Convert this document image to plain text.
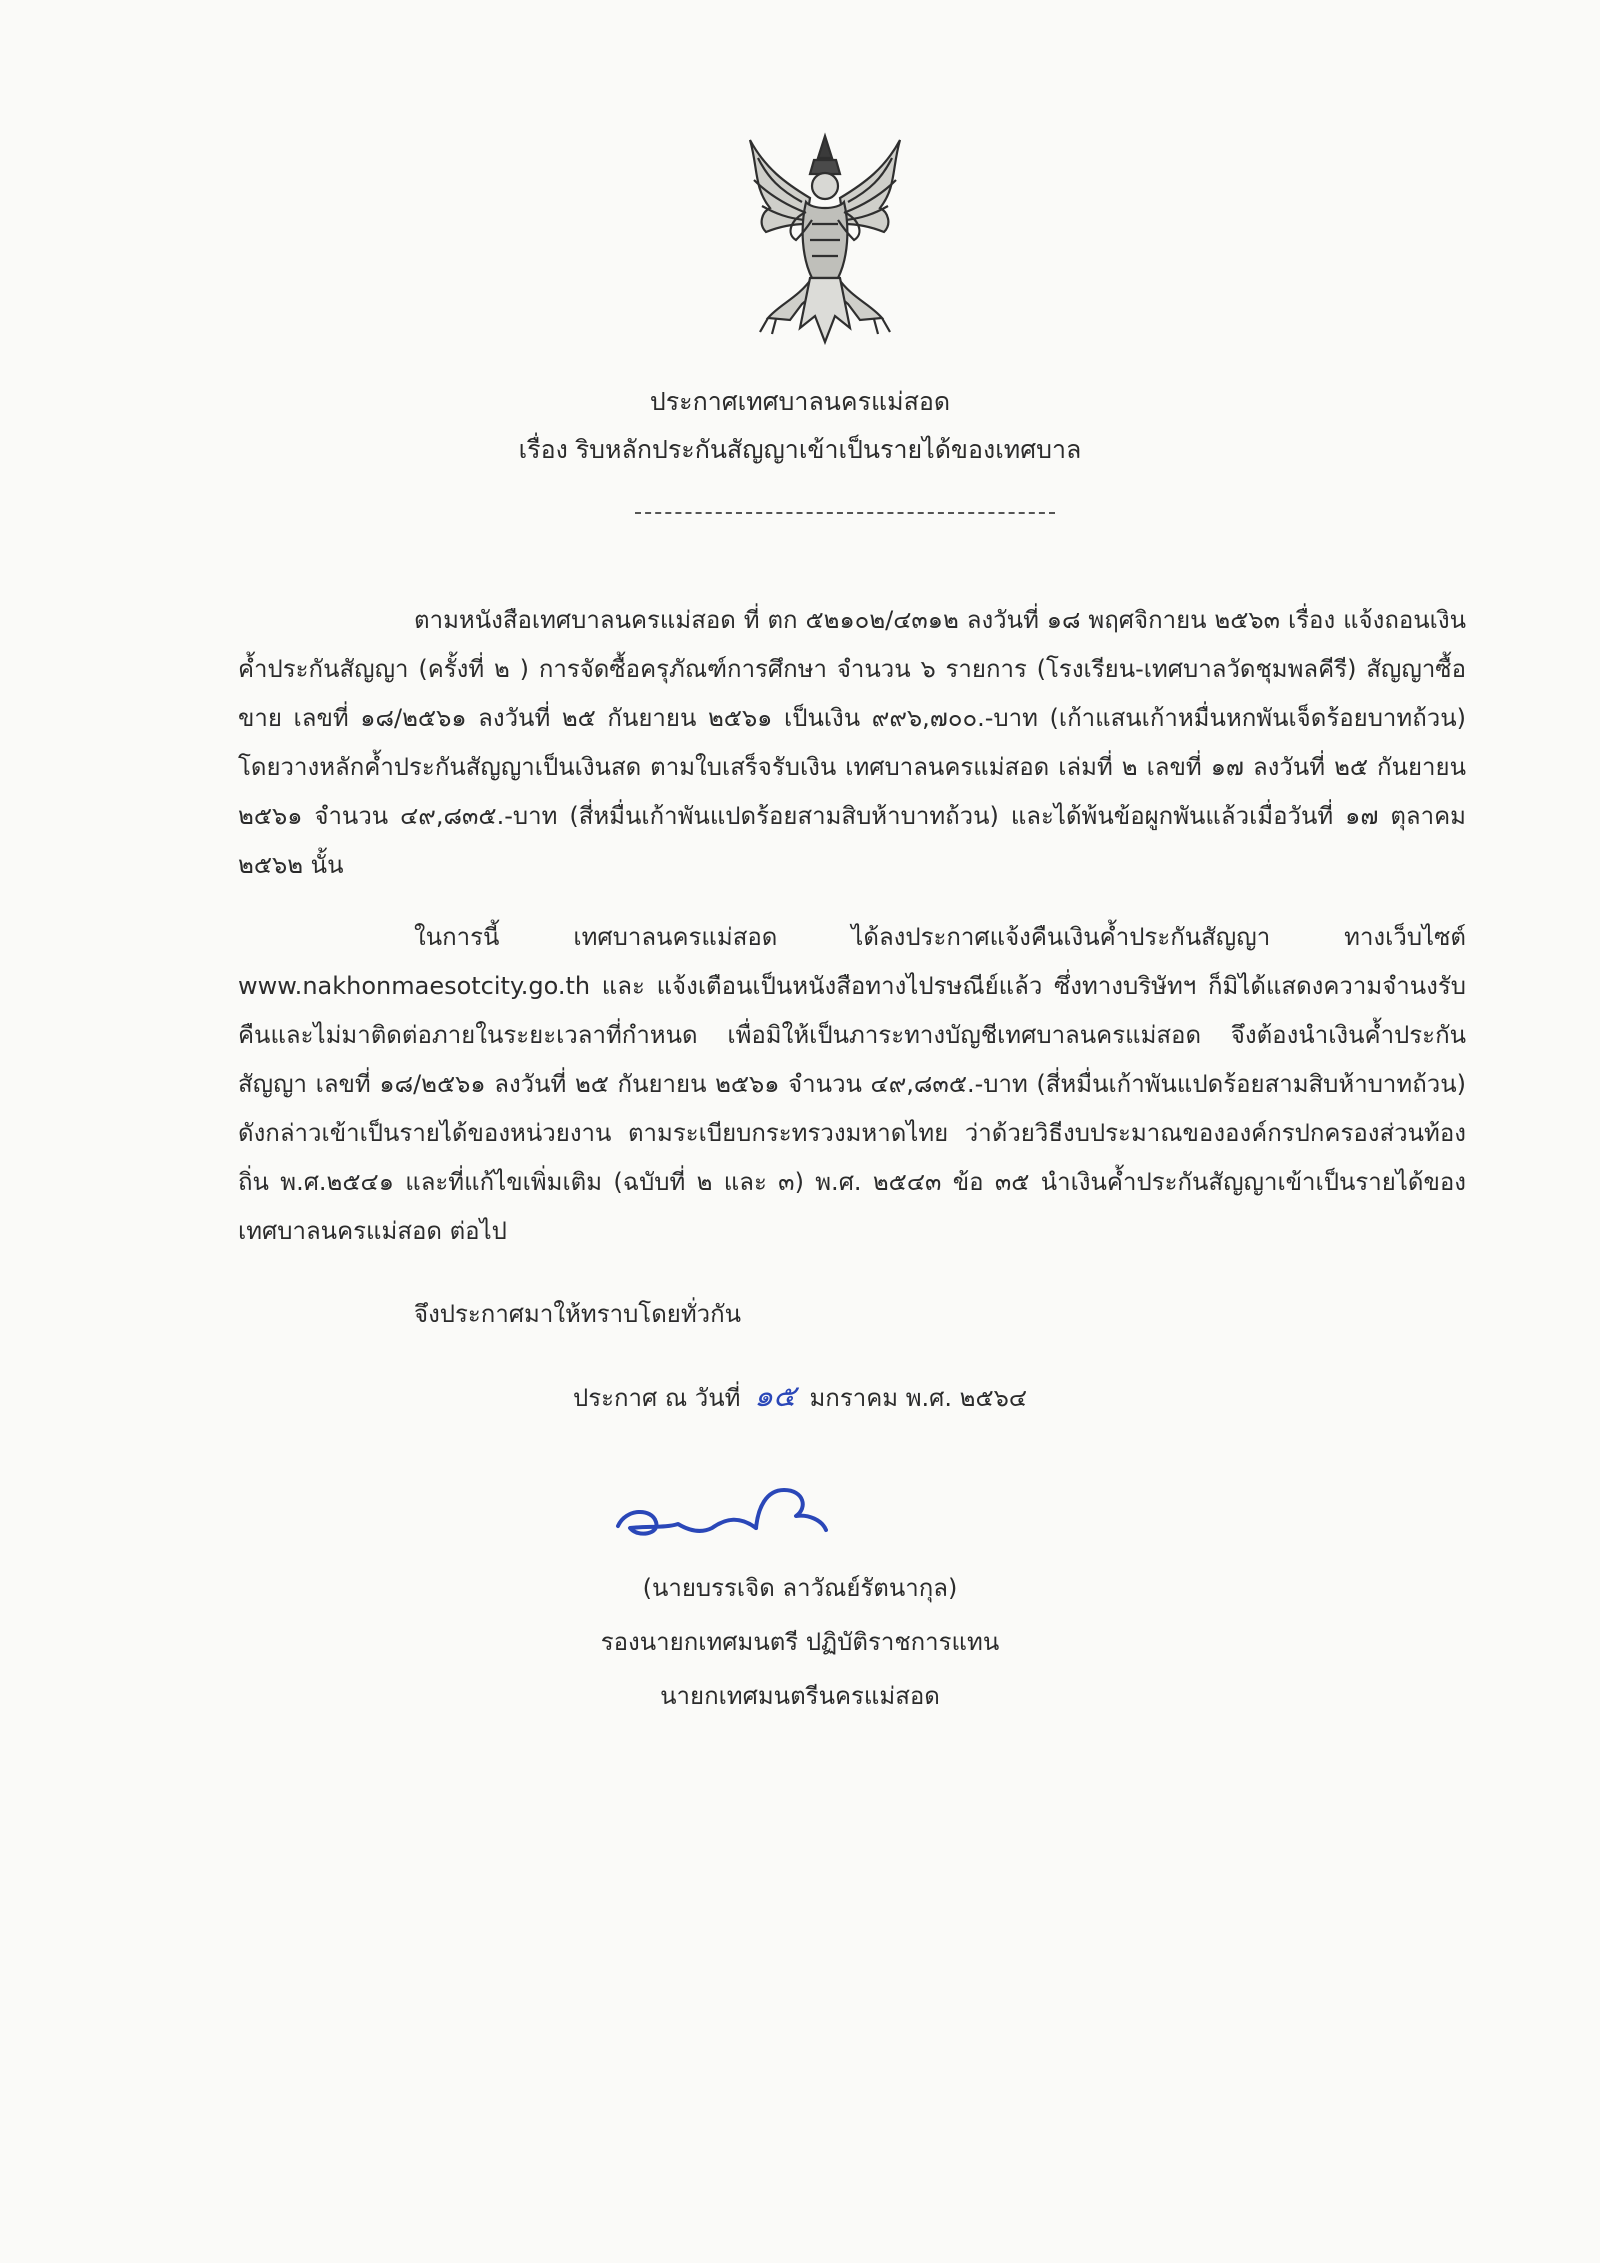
ประกาศเทศบาลนครแม่สอด
เรื่อง ริบหลักประกันสัญญาเข้าเป็นรายได้ของเทศบาล
ตามหนังสือเทศบาลนครแม่สอด ที่ ตก ๕๒๑๐๒/๔๓๑๒ ลงวันที่ ๑๘ พฤศจิกายน ๒๕๖๓ เรื่อง แจ้งถอนเงินค้ำประกันสัญญา (ครั้งที่ ๒ ) การจัดซื้อครุภัณฑ์การศึกษา จำนวน ๖ รายการ (โรงเรียน-เทศบาลวัดชุมพลคีรี) สัญญาซื้อขาย เลขที่ ๑๘/๒๕๖๑ ลงวันที่ ๒๕ กันยายน ๒๕๖๑ เป็นเงิน ๙๙๖,๗๐๐.-บาท (เก้าแสนเก้าหมื่นหกพันเจ็ดร้อยบาทถ้วน) โดยวางหลักค้ำประกันสัญญาเป็นเงินสด ตามใบเสร็จรับเงิน เทศบาลนครแม่สอด เล่มที่ ๒ เลขที่ ๑๗ ลงวันที่ ๒๕ กันยายน ๒๕๖๑ จำนวน ๔๙,๘๓๕.-บาท (สี่หมื่นเก้าพันแปดร้อยสามสิบห้าบาทถ้วน) และได้พ้นข้อผูกพันแล้วเมื่อวันที่ ๑๗ ตุลาคม ๒๕๖๒ นั้น
ในการนี้ เทศบาลนครแม่สอด ได้ลงประกาศแจ้งคืนเงินค้ำประกันสัญญา ทางเว็บไซต์ www.nakhonmaesotcity.go.th และ แจ้งเตือนเป็นหนังสือทางไปรษณีย์แล้ว ซึ่งทางบริษัทฯ ก็มิได้แสดงความจำนงรับคืนและไม่มาติดต่อภายในระยะเวลาที่กำหนด เพื่อมิให้เป็นภาระทางบัญชีเทศบาลนครแม่สอด จึงต้องนำเงินค้ำประกันสัญญา เลขที่ ๑๘/๒๕๖๑ ลงวันที่ ๒๕ กันยายน ๒๕๖๑ จำนวน ๔๙,๘๓๕.-บาท (สี่หมื่นเก้าพันแปดร้อยสามสิบห้าบาทถ้วน) ดังกล่าวเข้าเป็นรายได้ของหน่วยงาน ตามระเบียบกระทรวงมหาดไทย ว่าด้วยวิธีงบประมาณขององค์กรปกครองส่วนท้องถิ่น พ.ศ.๒๕๔๑ และที่แก้ไขเพิ่มเติม (ฉบับที่ ๒ และ ๓) พ.ศ. ๒๕๔๓ ข้อ ๓๕ นำเงินค้ำประกันสัญญาเข้าเป็นรายได้ของเทศบาลนครแม่สอด ต่อไป
จึงประกาศมาให้ทราบโดยทั่วกัน
ประกาศ ณ วันที่ ๑๕ มกราคม พ.ศ. ๒๕๖๔
(นายบรรเจิด ลาวัณย์รัตนากุล)
รองนายกเทศมนตรี ปฏิบัติราชการแทน
นายกเทศมนตรีนครแม่สอด
